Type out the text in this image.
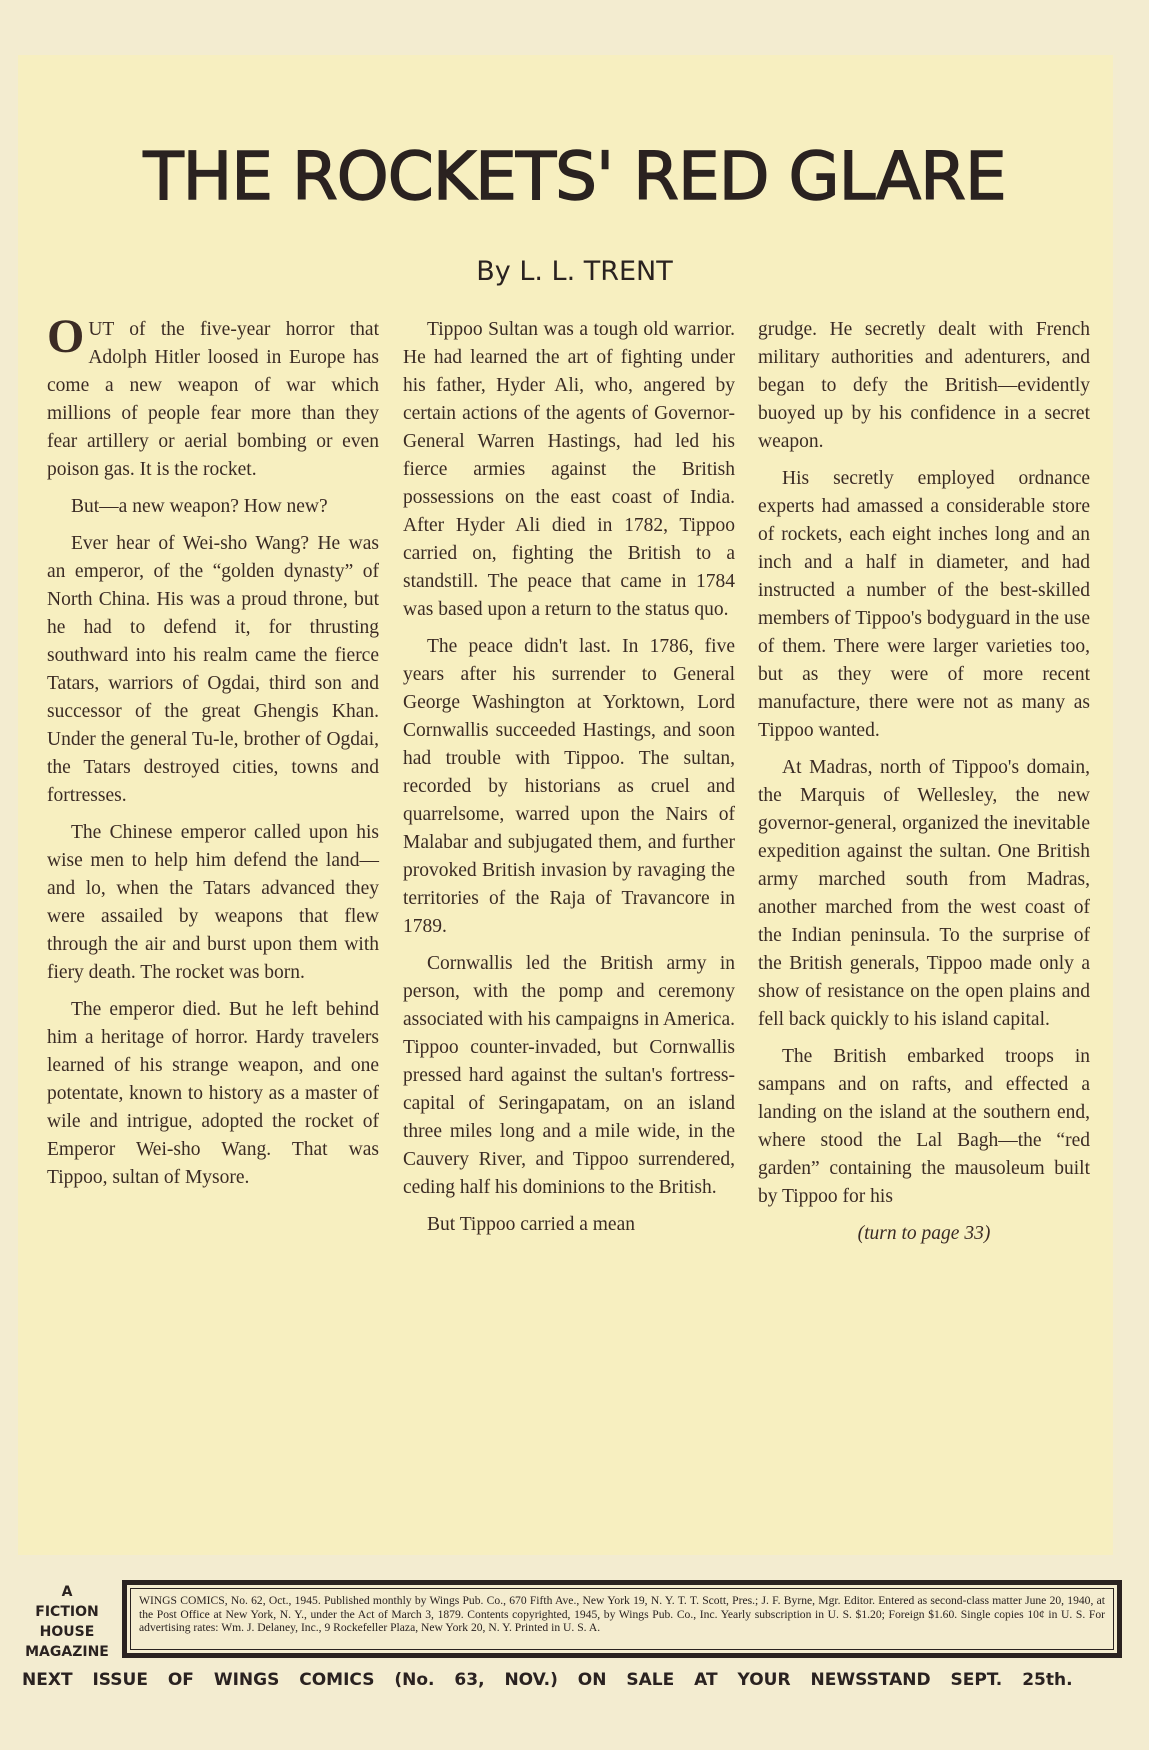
THE ROCKETS' RED GLARE
By L. L. TRENT

OUT of the five-year horror that Adolph Hitler loosed in Europe has come a new weapon of war which millions of people fear more than they fear artillery or aerial bombing or even poison gas. It is the rocket.

But—a new weapon? How new?

Ever hear of Wei-sho Wang? He was an emperor, of the “golden dynasty” of North China. His was a proud throne, but he had to defend it, for thrusting southward into his realm came the fierce Tatars, warriors of Ogdai, third son and successor of the great Ghengis Khan. Under the general Tu-le, brother of Ogdai, the Tatars destroyed cities, towns and fortresses.

The Chinese emperor called upon his wise men to help him defend the land—and lo, when the Tatars advanced they were assailed by weapons that flew through the air and burst upon them with fiery death. The rocket was born.

The emperor died. But he left behind him a heritage of horror. Hardy travelers learned of his strange weapon, and one potentate, known to history as a master of wile and intrigue, adopted the rocket of Emperor Wei-sho Wang. That was Tippoo, sultan of Mysore.

Tippoo Sultan was a tough old warrior. He had learned the art of fighting under his father, Hyder Ali, who, angered by certain actions of the agents of Governor-General Warren Hastings, had led his fierce armies against the British possessions on the east coast of India. After Hyder Ali died in 1782, Tippoo carried on, fighting the British to a standstill. The peace that came in 1784 was based upon a return to the status quo.

The peace didn't last. In 1786, five years after his surrender to General George Washington at Yorktown, Lord Cornwallis succeeded Hastings, and soon had trouble with Tippoo. The sultan, recorded by historians as cruel and quarrelsome, warred upon the Nairs of Malabar and subjugated them, and further provoked British invasion by ravaging the territories of the Raja of Travancore in 1789.

Cornwallis led the British army in person, with the pomp and ceremony associated with his campaigns in America. Tippoo counter-invaded, but Cornwallis pressed hard against the sultan's fortress-capital of Seringapatam, on an island three miles long and a mile wide, in the Cauvery River, and Tippoo surrendered, ceding half his dominions to the British.

But Tippoo carried a mean

grudge. He secretly dealt with French military authorities and adenturers, and began to defy the British—evidently buoyed up by his confidence in a secret weapon.

His secretly employed ordnance experts had amassed a considerable store of rockets, each eight inches long and an inch and a half in diameter, and had instructed a number of the best-skilled members of Tippoo's bodyguard in the use of them. There were larger varieties too, but as they were of more recent manufacture, there were not as many as Tippoo wanted.

At Madras, north of Tippoo's domain, the Marquis of Wellesley, the new governor-general, organized the inevitable expedition against the sultan. One British army marched south from Madras, another marched from the west coast of the Indian peninsula. To the surprise of the British generals, Tippoo made only a show of resistance on the open plains and fell back quickly to his island capital.

The British embarked troops in sampans and on rafts, and effected a landing on the island at the southern end, where stood the Lal Bagh—the “red garden” containing the mausoleum built by Tippoo for his

(turn to page 33)

A
FICTION
HOUSE
MAGAZINE
WINGS COMICS, No. 62, Oct., 1945. Published monthly by Wings Pub. Co., 670 Fifth Ave., New York 19, N. Y. T. T. Scott, Pres.; J. F. Byrne, Mgr. Editor. Entered as second-class matter June 20, 1940, at the Post Office at New York, N. Y., under the Act of March 3, 1879. Contents copyrighted, 1945, by Wings Pub. Co., Inc. Yearly subscription in U. S. $1.20; Foreign $1.60. Single copies 10¢ in U. S. For advertising rates: Wm. J. Delaney, Inc., 9 Rockefeller Plaza, New York 20, N. Y. Printed in U. S. A.
NEXT ISSUE OF WINGS COMICS (No. 63, NOV.) ON SALE AT YOUR NEWSSTAND SEPT. 25th.
